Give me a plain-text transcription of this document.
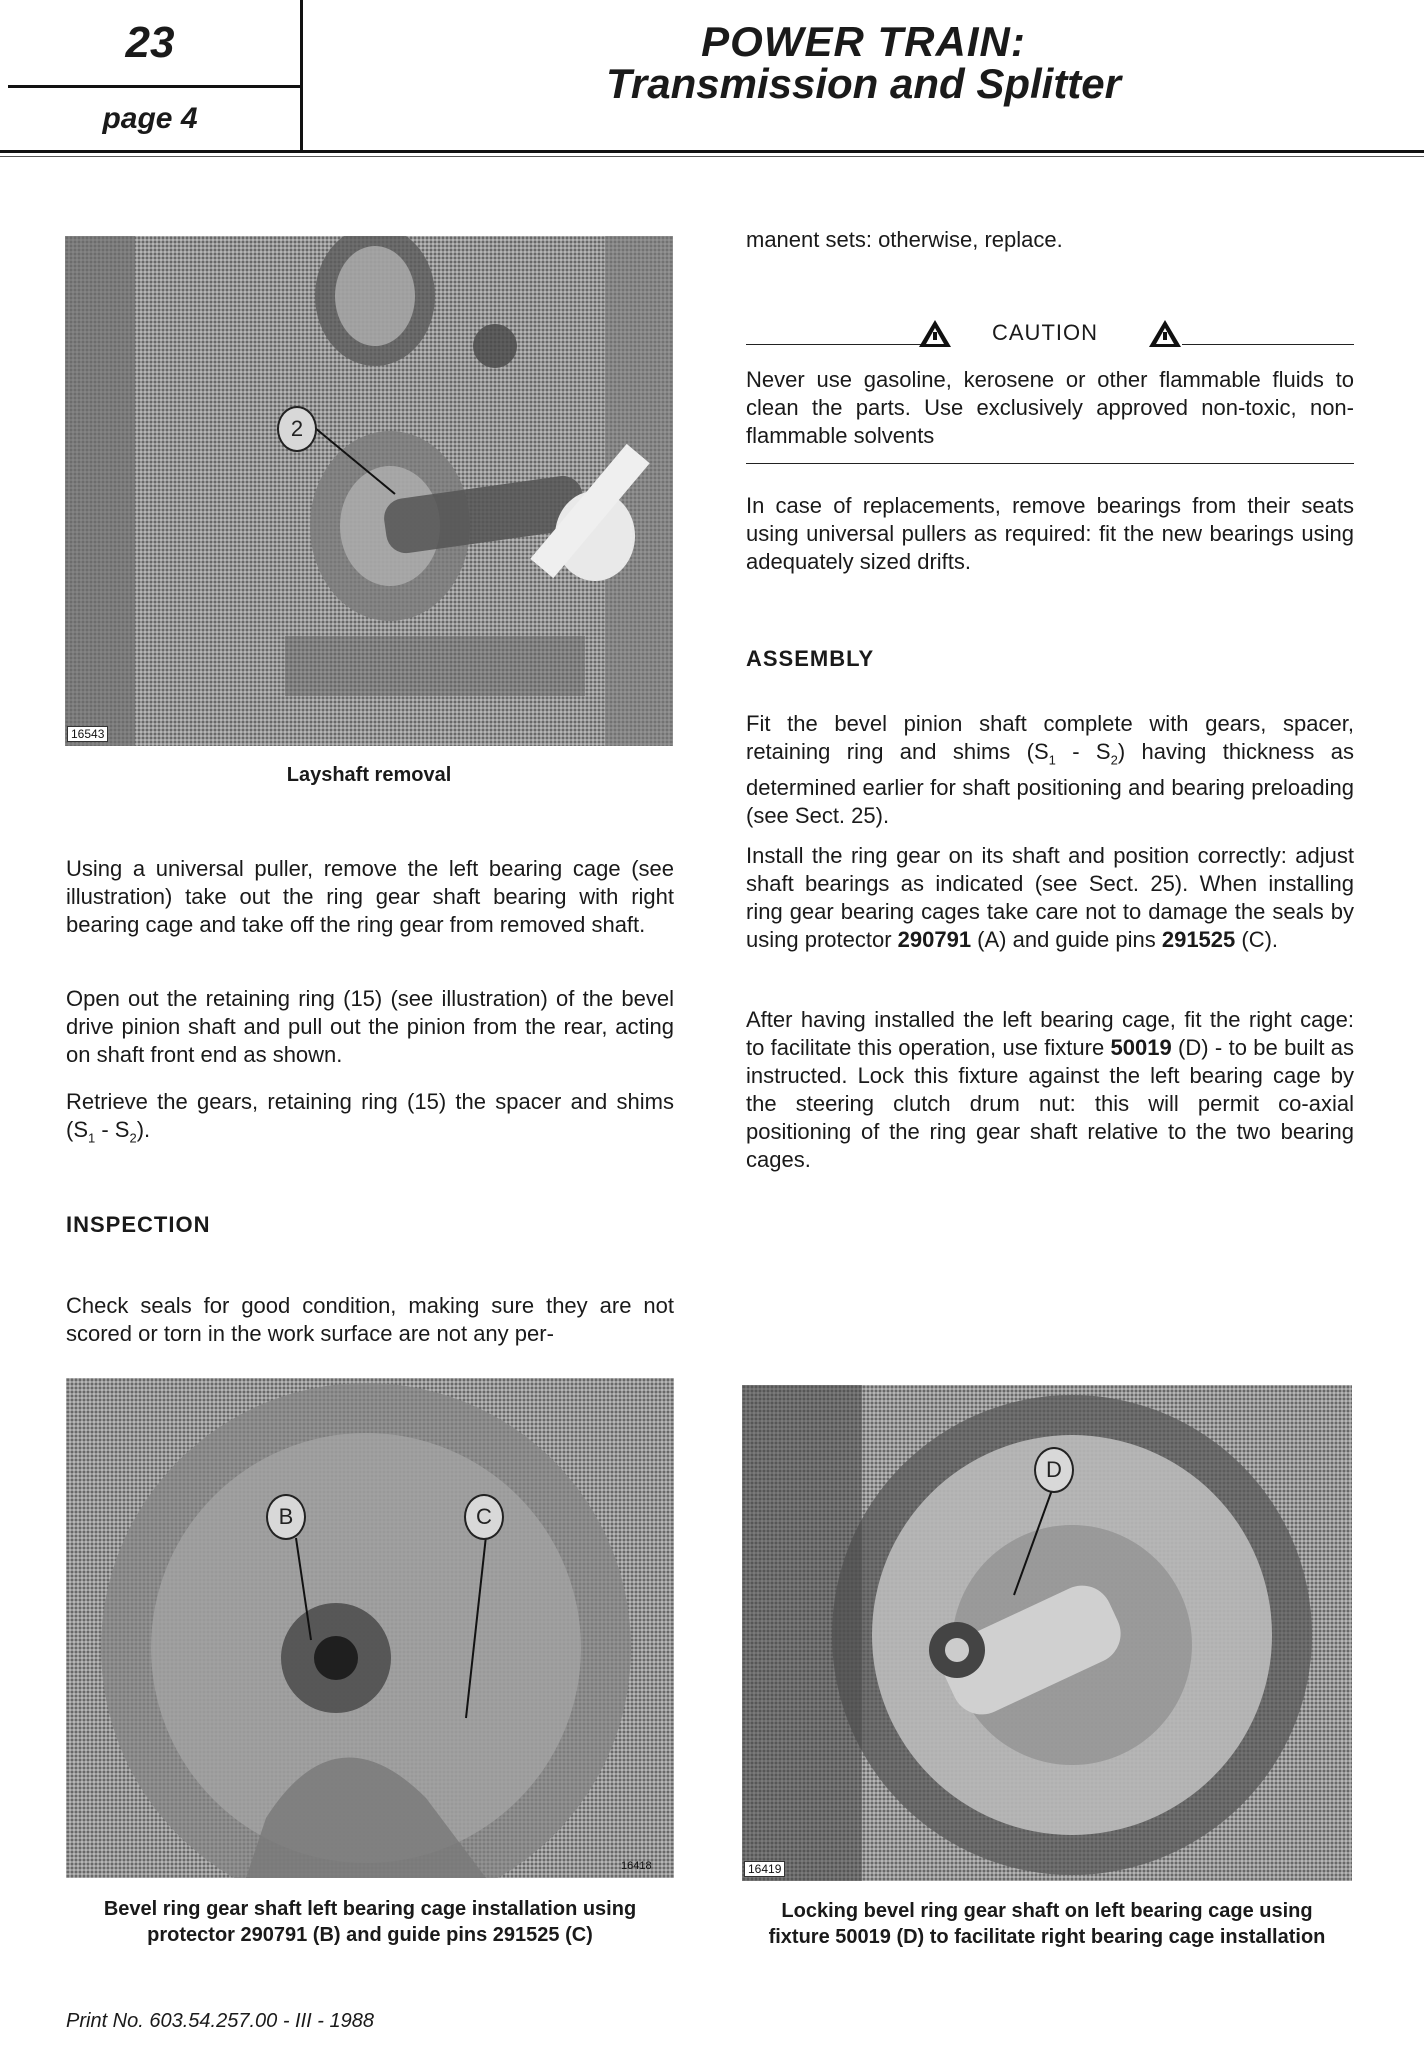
23
page 4
POWER TRAIN:
Transmission and Splitter
2
16543
Layshaft removal
Using a universal puller, remove the left bearing cage (see illustration) take out the ring gear shaft bearing with right bearing cage and take off the ring gear from removed shaft.
Open out the retaining ring (15) (see illustration) of the bevel drive pinion shaft and pull out the pinion from the rear, acting on shaft front end as shown.
Retrieve the gears, retaining ring (15) the spacer and shims $(S_1 - S_2)$.
INSPECTION
Check seals for good condition, making sure they are not scored or torn in the work surface are not any per-
manent sets: otherwise, replace.
CAUTION
Never use gasoline, kerosene or other flammable fluids to clean the parts. Use exclusively approved non-toxic, non-flammable solvents
In case of replacements, remove bearings from their seats using universal pullers as required: fit the new bearings using adequately sized drifts.
ASSEMBLY
Fit the bevel pinion shaft complete with gears, spacer, retaining ring and shims $(S_1 - S_2)$ having thickness as determined earlier for shaft positioning and bearing preloading (see Sect. 25).
Install the ring gear on its shaft and position correctly: adjust shaft bearings as indicated (see Sect. 25). When installing ring gear bearing cages take care not to damage the seals by using protector 290791 (A) and guide pins 291525 (C).
After having installed the left bearing cage, fit the right cage: to facilitate this operation, use fixture 50019 (D) - to be built as instructed. Lock this fixture against the left bearing cage by the steering clutch drum nut: this will permit co-axial positioning of the ring gear shaft relative to the two bearing cages.
B	C
16418
Bevel ring gear shaft left bearing cage installation using
protector 290791 (B) and guide pins 291525 (C)
D
16419
Locking bevel ring gear shaft on left bearing cage using
fixture 50019 (D) to facilitate right bearing cage installation
Print No. 603.54.257.00 - III - 1988
